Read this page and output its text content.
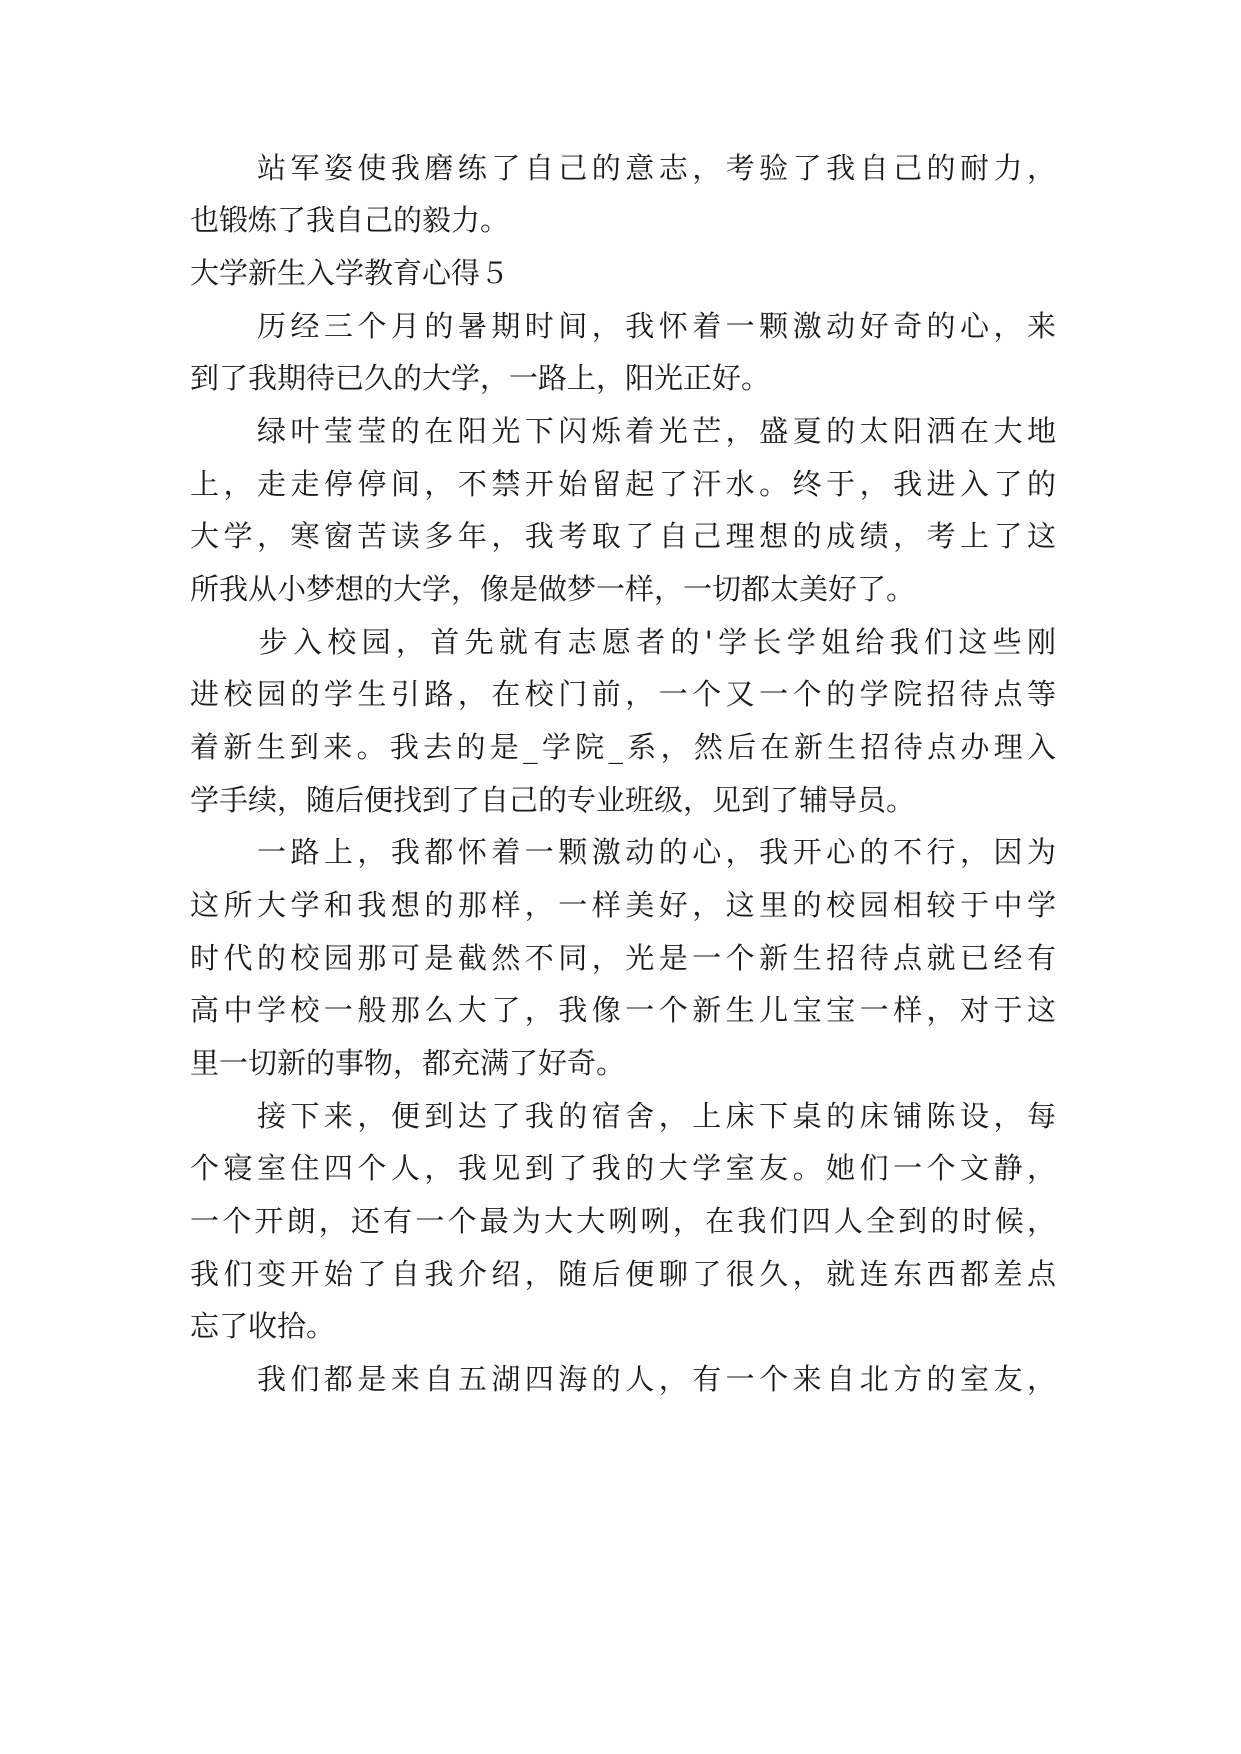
　　站军姿使我磨练了自己的意志，考验了我自己的耐力，
也锻炼了我自己的毅力。
大学新生入学教育心得５
　　历经三个月的暑期时间，我怀着一颗激动好奇的心，来
到了我期待已久的大学，一路上，阳光正好。
　　绿叶莹莹的在阳光下闪烁着光芒，盛夏的太阳洒在大地
上，走走停停间，不禁开始留起了汗水。终于，我进入了的
大学，寒窗苦读多年，我考取了自己理想的成绩，考上了这
所我从小梦想的大学，像是做梦一样，一切都太美好了。
　　步入校园，首先就有志愿者的'学长学姐给我们这些刚
进校园的学生引路，在校门前，一个又一个的学院招待点等
着新生到来。我去的是_学院_系，然后在新生招待点办理入
学手续，随后便找到了自己的专业班级，见到了辅导员。
　　一路上，我都怀着一颗激动的心，我开心的不行，因为
这所大学和我想的那样，一样美好，这里的校园相较于中学
时代的校园那可是截然不同，光是一个新生招待点就已经有
高中学校一般那么大了，我像一个新生儿宝宝一样，对于这
里一切新的事物，都充满了好奇。
　　接下来，便到达了我的宿舍，上床下桌的床铺陈设，每
个寝室住四个人，我见到了我的大学室友。她们一个文静，
一个开朗，还有一个最为大大咧咧，在我们四人全到的时候，
我们变开始了自我介绍，随后便聊了很久，就连东西都差点
忘了收拾。
　　我们都是来自五湖四海的人，有一个来自北方的室友，
